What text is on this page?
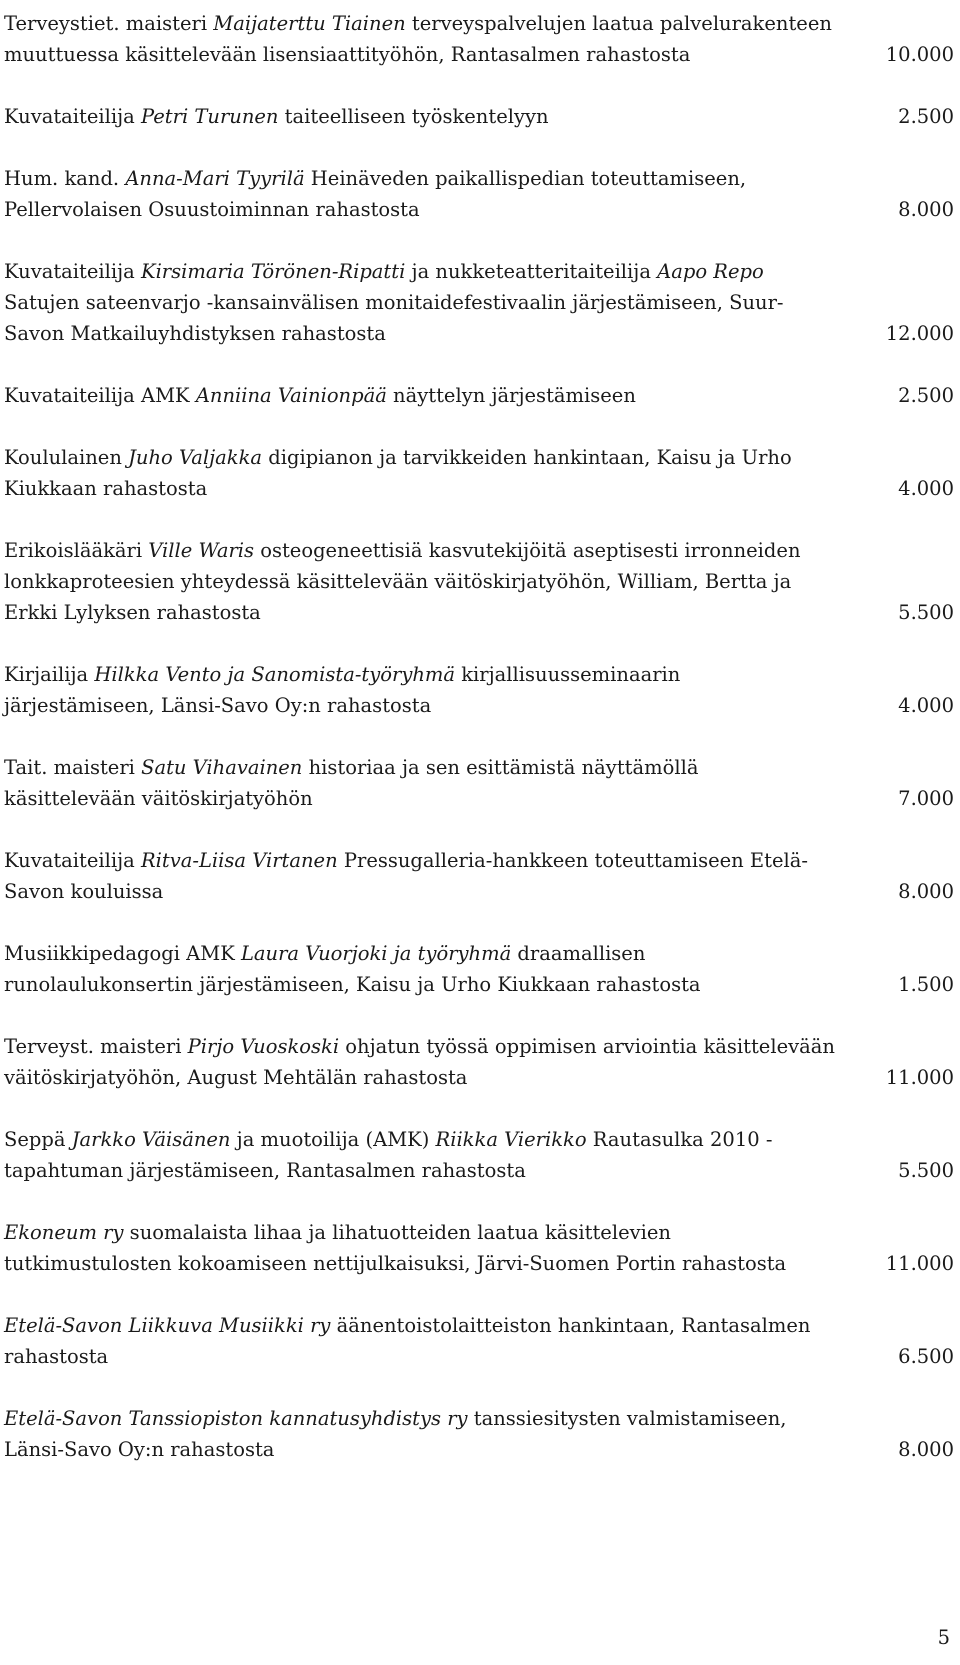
Terveystiet. maisteri Maijaterttu Tiainen terveyspalvelujen laatua palvelurakenteen muuttuessa käsittelevään lisensiaattityöhön, Rantasalmen rahastosta	10.000
Kuvataiteilija Petri Turunen taiteelliseen työskentelyyn	2.500
Hum. kand. Anna-Mari Tyyrilä Heinäveden paikallispedian toteuttamiseen, Pellervolaisen Osuustoiminnan rahastosta	8.000
Kuvataiteilija Kirsimaria Törönen-Ripatti ja nukketeatteritaiteilija Aapo Repo Satujen sateenvarjo -kansainvälisen monitaidefestivaalin järjestämiseen, Suur-Savon Matkailuyhdistyksen rahastosta	12.000
Kuvataiteilija AMK Anniina Vainionpää näyttelyn järjestämiseen	2.500
Koululainen Juho Valjakka digipianon ja tarvikkeiden hankintaan, Kaisu ja Urho Kiukkaan rahastosta	4.000
Erikoislääkäri Ville Waris osteogeneettisiä kasvutekijöitä aseptisesti irronneiden lonkkaproteesien yhteydessä käsittelevään väitöskirjatyöhön, William, Bertta ja Erkki Lylyksen rahastosta	5.500
Kirjailija Hilkka Vento ja Sanomista-työryhmä kirjallisuusseminaarin järjestämiseen, Länsi-Savo Oy:n rahastosta	4.000
Tait. maisteri Satu Vihavainen historiaa ja sen esittämistä näyttämöllä käsittelevään väitöskirjatyöhön	7.000
Kuvataiteilija Ritva-Liisa Virtanen Pressugalleria-hankkeen toteuttamiseen Etelä-Savon kouluissa	8.000
Musiikkipedagogi AMK Laura Vuorjoki ja työryhmä draamallisen runolaulukonsertin järjestämiseen, Kaisu ja Urho Kiukkaan rahastosta	1.500
Terveyst. maisteri Pirjo Vuoskoski ohjatun työssä oppimisen arviointia käsittelevään väitöskirjatyöhön, August Mehtälän rahastosta	11.000
Seppä Jarkko Väisänen ja muotoilija (AMK) Riikka Vierikko Rautasulka 2010 -tapahtuman järjestämiseen, Rantasalmen rahastosta	5.500
Ekoneum ry suomalaista lihaa ja lihatuotteiden laatua käsittelevien tutkimustulosten kokoamiseen nettijulkaisuksi, Järvi-Suomen Portin rahastosta	11.000
Etelä-Savon Liikkuva Musiikki ry äänentoistolaitteiston hankintaan, Rantasalmen rahastosta	6.500
Etelä-Savon Tanssiopiston kannatusyhdistys ry tanssiesitysten valmistamiseen, Länsi-Savo Oy:n rahastosta	8.000
5
